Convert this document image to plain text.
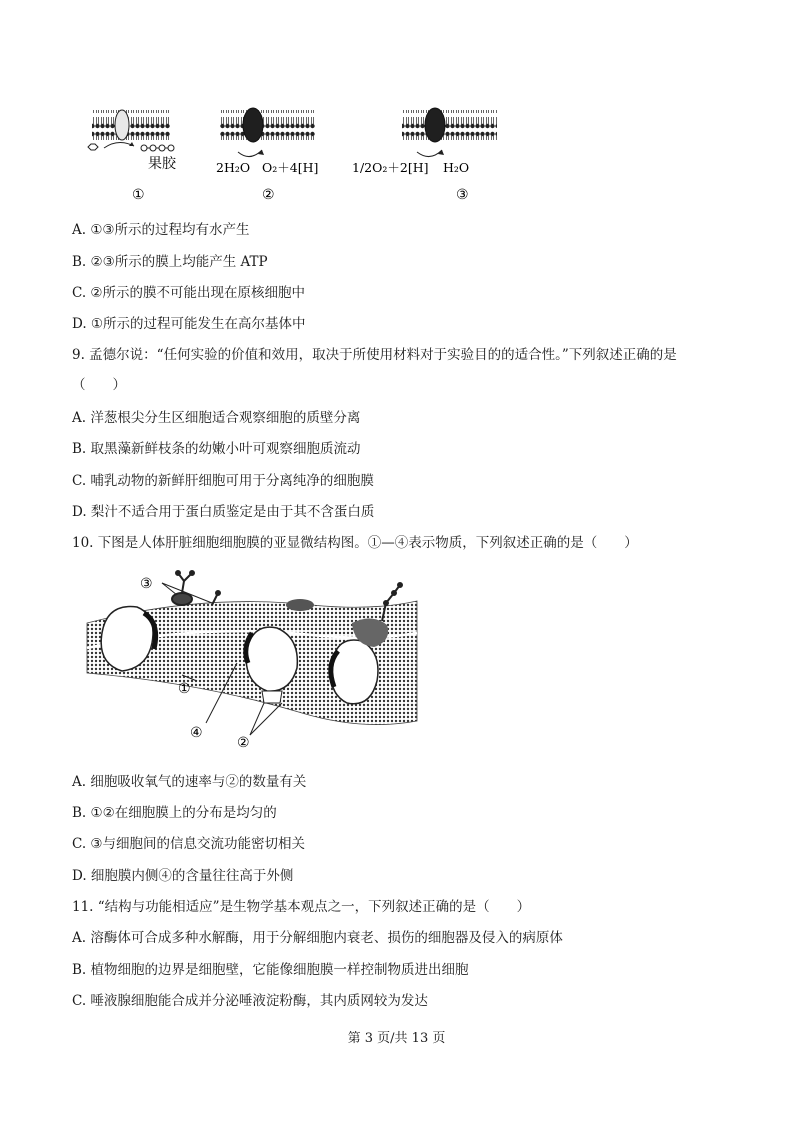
果胶	2H₂O O₂＋4[H]	1/2O₂＋2[H] H₂O
①	②	③
A. ①③所示的过程均有水产生
B. ②③所示的膜上均能产生 ATP
C. ②所示的膜不可能出现在原核细胞中
D. ①所示的过程可能发生在高尔基体中
9. 孟德尔说：“任何实验的价值和效用，取决于所使用材料对于实验目的的适合性。”下列叙述正确的是
（　　）
A. 洋葱根尖分生区细胞适合观察细胞的质壁分离
B. 取黑藻新鲜枝条的幼嫩小叶可观察细胞质流动
C. 哺乳动物的新鲜肝细胞可用于分离纯净的细胞膜
D. 梨汁不适合用于蛋白质鉴定是由于其不含蛋白质
10. 下图是人体肝脏细胞细胞膜的亚显微结构图。①—④表示物质，下列叙述正确的是（　　）
③
①
④
②
A. 细胞吸收氧气的速率与②的数量有关
B. ①②在细胞膜上的分布是均匀的
C. ③与细胞间的信息交流功能密切相关
D. 细胞膜内侧④的含量往往高于外侧
11. “结构与功能相适应”是生物学基本观点之一，下列叙述正确的是（　　）
A. 溶酶体可合成多种水解酶，用于分解细胞内衰老、损伤的细胞器及侵入的病原体
B. 植物细胞的边界是细胞壁，它能像细胞膜一样控制物质进出细胞
C. 唾液腺细胞能合成并分泌唾液淀粉酶，其内质网较为发达
第 3 页/共 13 页
